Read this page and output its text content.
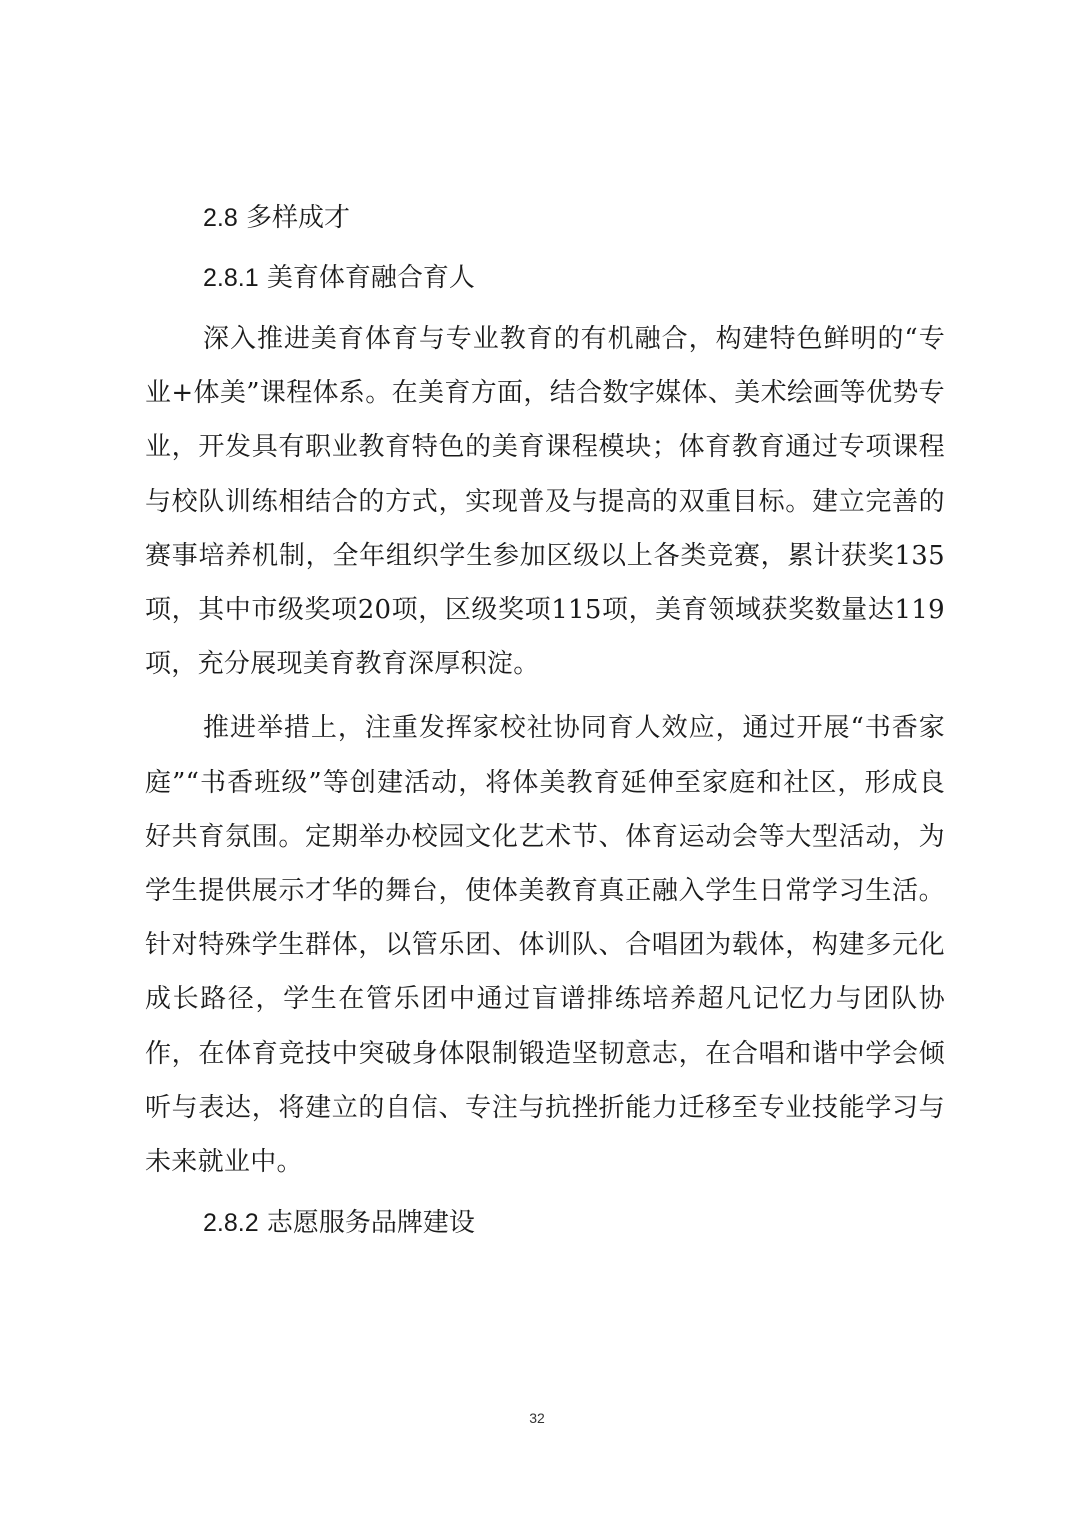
2.8 多样成才
2.8.1 美育体育融合育人

深入推进美育体育与专业教育的有机融合，构建特色鲜明的“专业+体美”课程体系。在美育方面，结合数字媒体、美术绘画等优势专业，开发具有职业教育特色的美育课程模块；体育教育通过专项课程与校队训练相结合的方式，实现普及与提高的双重目标。建立完善的赛事培养机制，全年组织学生参加区级以上各类竞赛，累计获奖135项，其中市级奖项20项，区级奖项115项，美育领域获奖数量达119项，充分展现美育教育深厚积淀。

推进举措上，注重发挥家校社协同育人效应，通过开展“书香家庭”“书香班级”等创建活动，将体美教育延伸至家庭和社区，形成良好共育氛围。定期举办校园文化艺术节、体育运动会等大型活动，为学生提供展示才华的舞台，使体美教育真正融入学生日常学习生活。针对特殊学生群体，以管乐团、体训队、合唱团为载体，构建多元化成长路径，学生在管乐团中通过盲谱排练培养超凡记忆力与团队协作，在体育竞技中突破身体限制锻造坚韧意志，在合唱和谐中学会倾听与表达，将建立的自信、专注与抗挫折能力迁移至专业技能学习与未来就业中。

2.8.2 志愿服务品牌建设
32
